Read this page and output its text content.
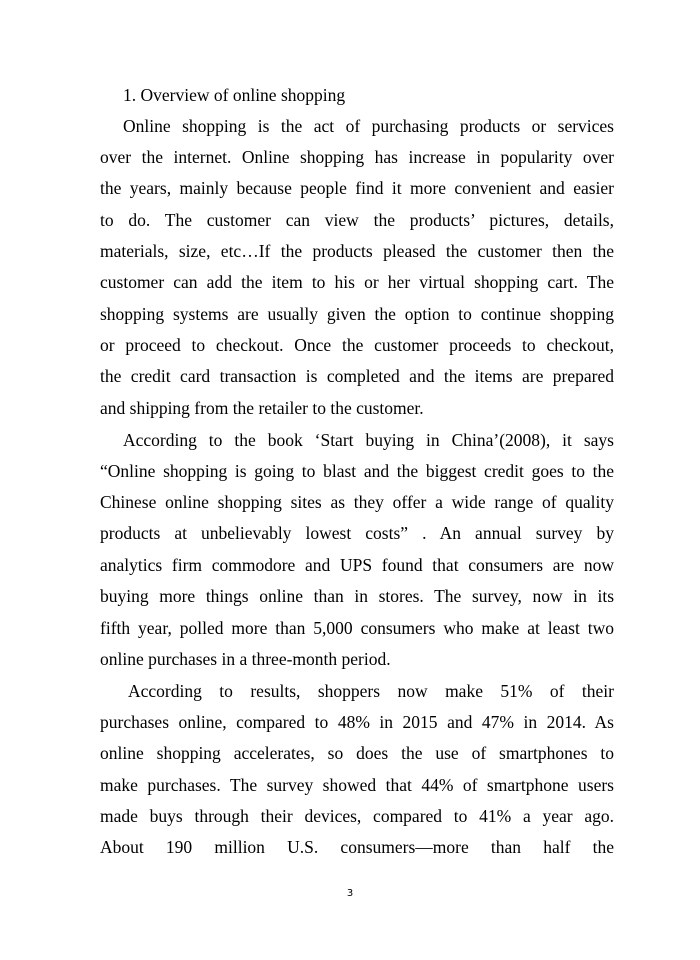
1. Overview of online shopping
Online shopping is the act of purchasing products or services
over the internet. Online shopping has increase in popularity over
the years, mainly because people find it more convenient and easier
to do. The customer can view the products’ pictures, details,
materials, size, etc…If the products pleased the customer then the
customer can add the item to his or her virtual shopping cart. The
shopping systems are usually given the option to continue shopping
or proceed to checkout. Once the customer proceeds to checkout,
the credit card transaction is completed and the items are prepared
and shipping from the retailer to the customer.
According to the book ‘Start buying in China’(2008), it says
“Online shopping is going to blast and the biggest credit goes to the
Chinese online shopping sites as they offer a wide range of quality
products at unbelievably lowest costs” . An annual survey by
analytics firm commodore and UPS found that consumers are now
buying more things online than in stores. The survey, now in its
fifth year, polled more than 5,000 consumers who make at least two
online purchases in a three-month period.
According to results, shoppers now make 51% of their
purchases online, compared to 48% in 2015 and 47% in 2014. As
online shopping accelerates, so does the use of smartphones to
make purchases. The survey showed that 44% of smartphone users
made buys through their devices, compared to 41% a year ago.
About 190 million U.S. consumers—more than half the
3
